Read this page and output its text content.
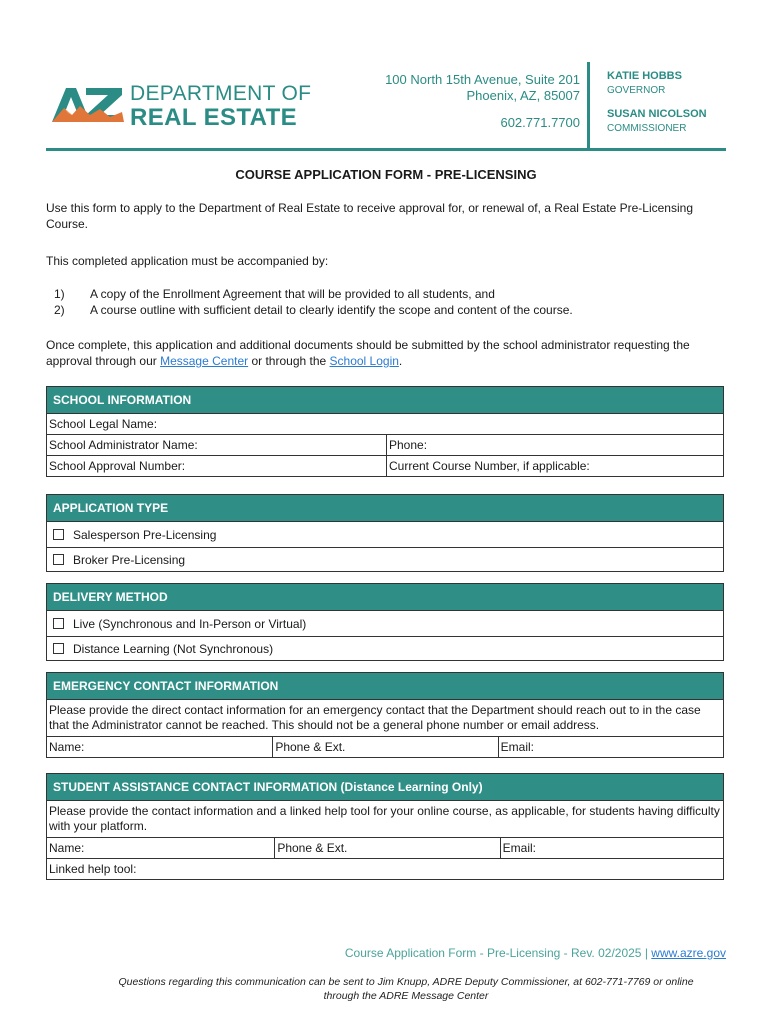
DEPARTMENT OF
REAL ESTATE
100 North 15th Avenue, Suite 201
Phoenix, AZ, 85007
602.771.7700
KATIE HOBBS
GOVERNOR
SUSAN NICOLSON
COMMISSIONER
COURSE APPLICATION FORM - PRE-LICENSING
Use this form to apply to the Department of Real Estate to receive approval for, or renewal of, a Real Estate Pre-Licensing Course.
This completed application must be accompanied by:
1)	A copy of the Enrollment Agreement that will be provided to all students, and
2)	A course outline with sufficient detail to clearly identify the scope and content of the course.
Once complete, this application and additional documents should be submitted by the school administrator requesting the approval through our Message Center or through the School Login.
SCHOOL INFORMATION
School Legal Name:
School Administrator Name:	Phone:
School Approval Number:	Current Course Number, if applicable:
APPLICATION TYPE
Salesperson Pre-Licensing
Broker Pre-Licensing
DELIVERY METHOD
Live (Synchronous and In-Person or Virtual)
Distance Learning (Not Synchronous)
EMERGENCY CONTACT INFORMATION
Please provide the direct contact information for an emergency contact that the Department should reach out to in the case that the Administrator cannot be reached. This should not be a general phone number or email address.
Name:	Phone & Ext.	Email:
STUDENT ASSISTANCE CONTACT INFORMATION (Distance Learning Only)
Please provide the contact information and a linked help tool for your online course, as applicable, for students having difficulty with your platform.
Name:	Phone & Ext.	Email:
Linked help tool:
Course Application Form - Pre-Licensing - Rev. 02/2025 | www.azre.gov
Questions regarding this communication can be sent to Jim Knupp, ADRE Deputy Commissioner, at 602-771-7769 or online
through the ADRE Message Center
